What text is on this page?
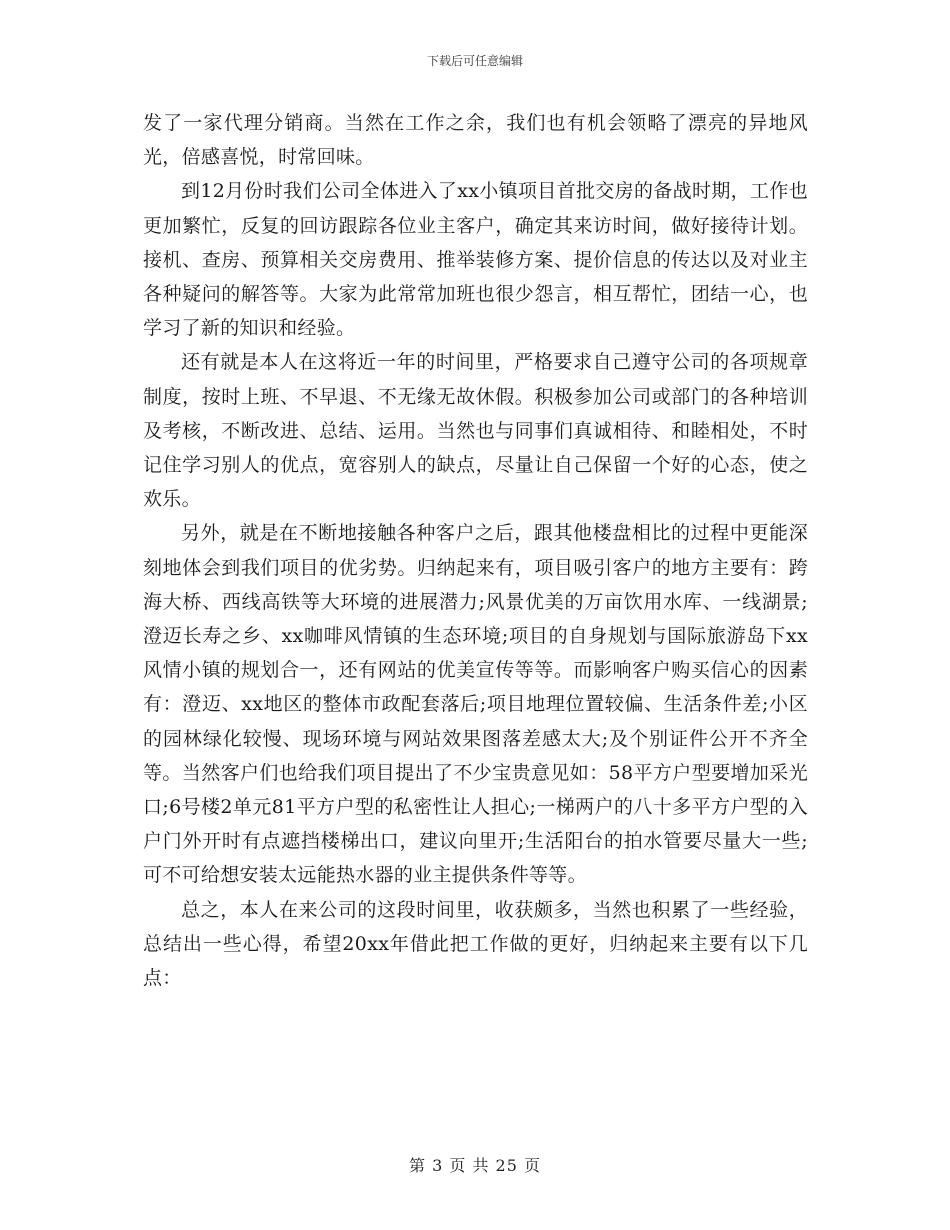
下载后可任意编辑

发了一家代理分销商。当然在工作之余，我们也有机会领略了漂亮的异地风光，倍感喜悦，时常回味。

到12月份时我们公司全体进入了xx小镇项目首批交房的备战时期，工作也更加繁忙，反复的回访跟踪各位业主客户，确定其来访时间，做好接待计划。接机、查房、预算相关交房费用、推举装修方案、提价信息的传达以及对业主各种疑问的解答等。大家为此常常加班也很少怨言，相互帮忙，团结一心，也学习了新的知识和经验。

还有就是本人在这将近一年的时间里，严格要求自己遵守公司的各项规章制度，按时上班、不早退、不无缘无故休假。积极参加公司或部门的各种培训及考核，不断改进、总结、运用。当然也与同事们真诚相待、和睦相处，不时记住学习别人的优点，宽容别人的缺点，尽量让自己保留一个好的心态，使之欢乐。

另外，就是在不断地接触各种客户之后，跟其他楼盘相比的过程中更能深刻地体会到我们项目的优劣势。归纳起来有，项目吸引客户的地方主要有：跨海大桥、西线高铁等大环境的进展潜力;风景优美的万亩饮用水库、一线湖景;澄迈长寿之乡、xx咖啡风情镇的生态环境;项目的自身规划与国际旅游岛下xx风情小镇的规划合一，还有网站的优美宣传等等。而影响客户购买信心的因素有：澄迈、xx地区的整体市政配套落后;项目地理位置较偏、生活条件差;小区的园林绿化较慢、现场环境与网站效果图落差感太大;及个别证件公开不齐全等。当然客户们也给我们项目提出了不少宝贵意见如：58平方户型要增加采光口;6号楼2单元81平方户型的私密性让人担心;一梯两户的八十多平方户型的入户门外开时有点遮挡楼梯出口，建议向里开;生活阳台的拍水管要尽量大一些;可不可给想安装太远能热水器的业主提供条件等等。

总之，本人在来公司的这段时间里，收获颇多，当然也积累了一些经验，总结出一些心得，希望20xx年借此把工作做的更好，归纳起来主要有以下几点：

第 3 页 共 25 页
